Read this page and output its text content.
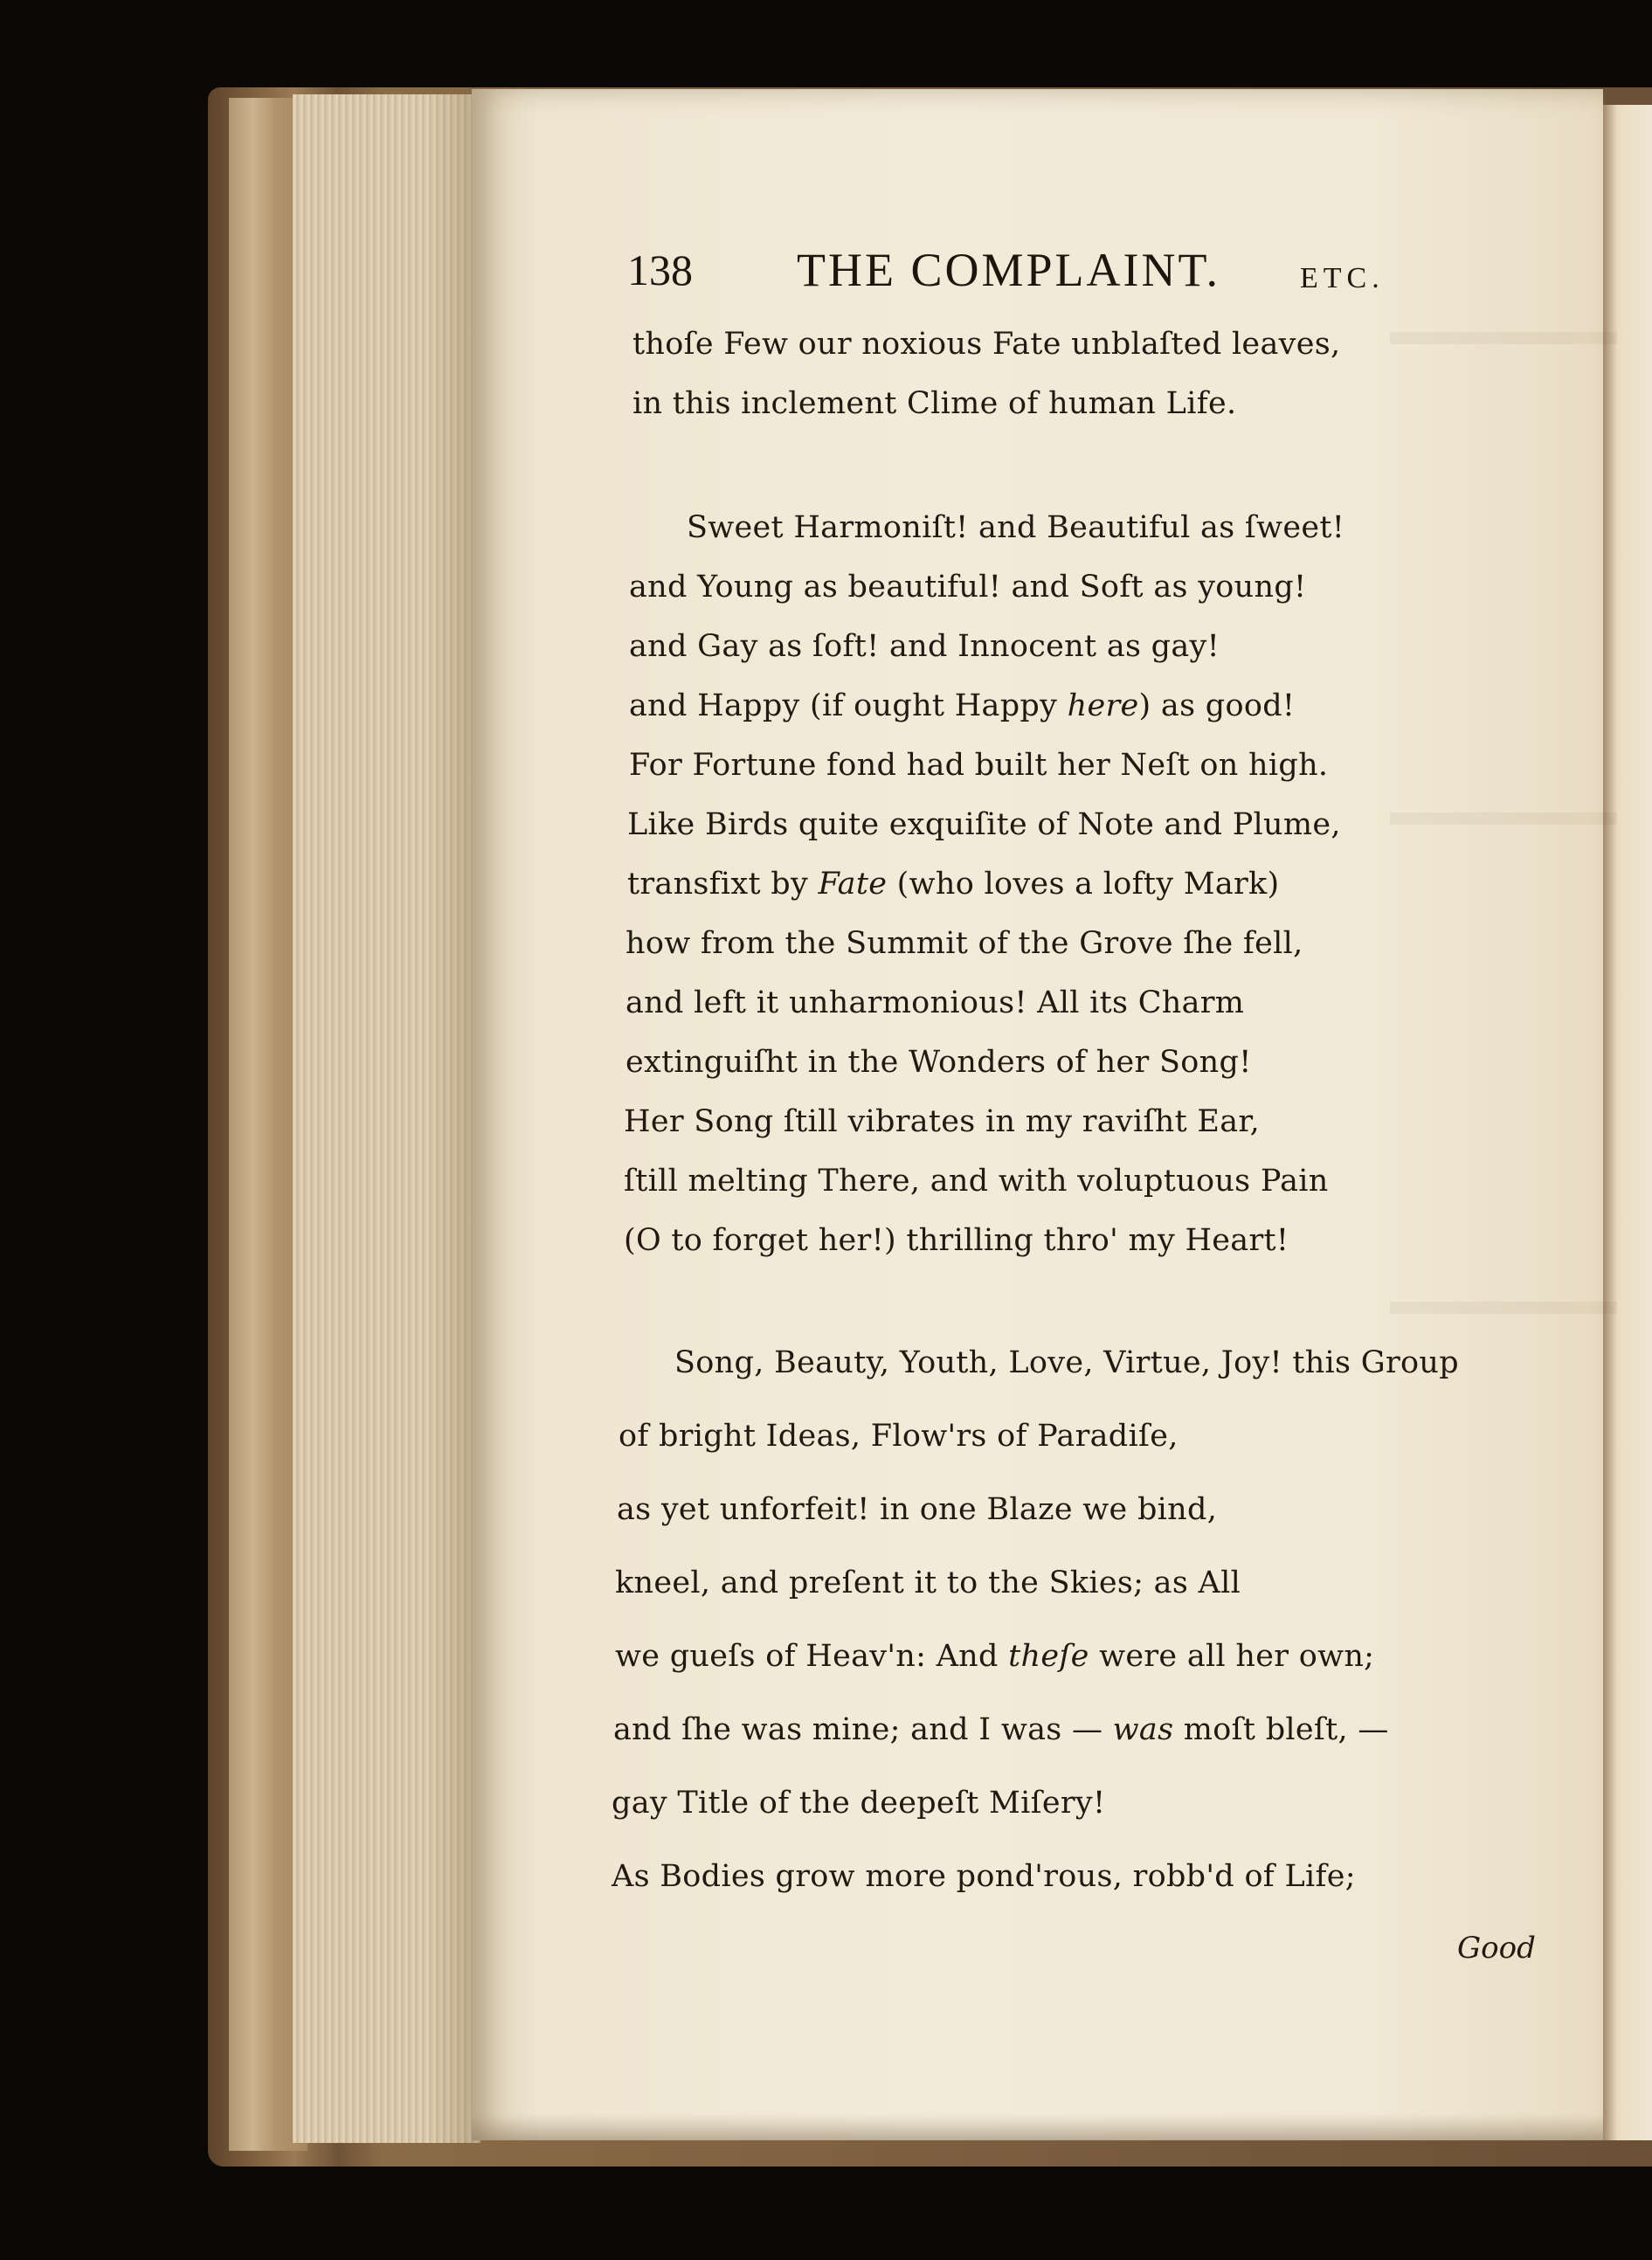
138 THE COMPLAINT.	ETC.
thoſe Few our noxious Fate unblaſted leaves,
in this inclement Clime of human Life.
Sweet Harmoniſt! and Beautiful as ſweet!
and Young as beautiful! and Soft as young!
and Gay as ſoft! and Innocent as gay!
and Happy (if ought Happy here) as good!
For Fortune fond had built her Neſt on high.
Like Birds quite exquiſite of Note and Plume,
transfixt by Fate (who loves a lofty Mark)
how from the Summit of the Grove ſhe fell,
and left it unharmonious! All its Charm
extinguiſht in the Wonders of her Song!
Her Song ſtill vibrates in my raviſht Ear,
ſtill melting There, and with voluptuous Pain
(O to forget her!) thrilling thro' my Heart!
Song, Beauty, Youth, Love, Virtue, Joy! this Group
of bright Ideas, Flow'rs of Paradiſe,
as yet unforfeit! in one Blaze we bind,
kneel, and preſent it to the Skies; as All
we gueſs of Heav'n: And theſe were all her own;
and ſhe was mine; and I was — was moſt bleſt, —
gay Title of the deepeſt Miſery!
As Bodies grow more pond'rous, robb'd of Life;
Good
